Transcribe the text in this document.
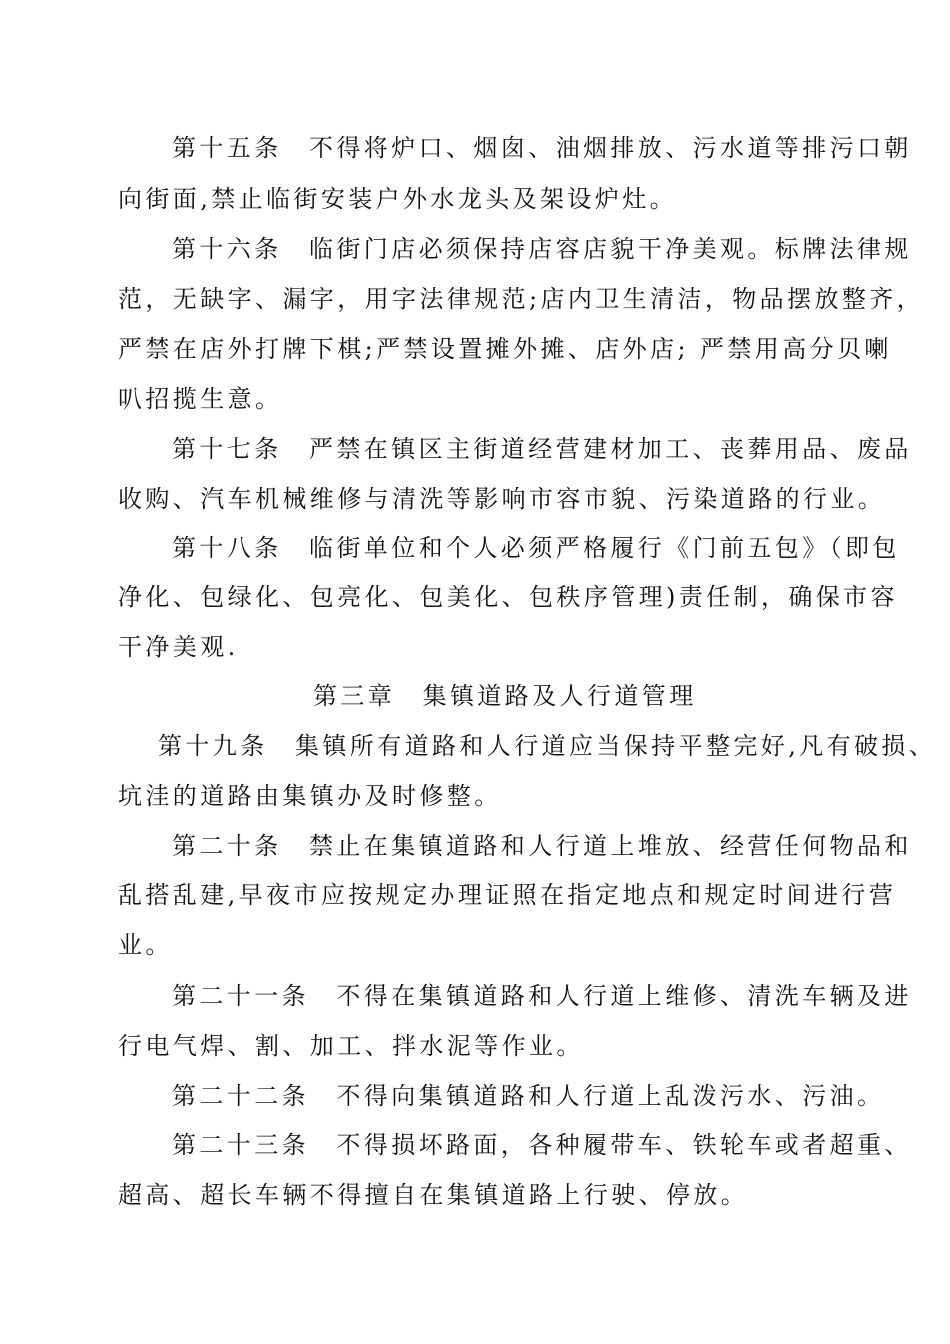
第十五条　不得将炉口、烟囱、油烟排放、污水道等排污口朝
向街面,禁止临街安装户外水龙头及架设炉灶。
第十六条　临街门店必须保持店容店貌干净美观。标牌法律规
范，无缺字、漏字，用字法律规范;店内卫生清洁，物品摆放整齐，
严禁在店外打牌下棋;严禁设置摊外摊、店外店; 严禁用高分贝喇
叭招揽生意。
第十七条　严禁在镇区主街道经营建材加工、丧葬用品、废品
收购、汽车机械维修与清洗等影响市容市貌、污染道路的行业。
第十八条　临街单位和个人必须严格履行《门前五包》（即包
净化、包绿化、包亮化、包美化、包秩序管理)责任制，确保市容
干净美观.
第三章　集镇道路及人行道管理
第十九条　集镇所有道路和人行道应当保持平整完好,凡有破损、
坑洼的道路由集镇办及时修整。
第二十条　禁止在集镇道路和人行道上堆放、经营任何物品和
乱搭乱建,早夜市应按规定办理证照在指定地点和规定时间进行营
业。
第二十一条　不得在集镇道路和人行道上维修、清洗车辆及进
行电气焊、割、加工、拌水泥等作业。
第二十二条　不得向集镇道路和人行道上乱泼污水、污油。
第二十三条　不得损坏路面，各种履带车、铁轮车或者超重、
超高、超长车辆不得擅自在集镇道路上行驶、停放。
